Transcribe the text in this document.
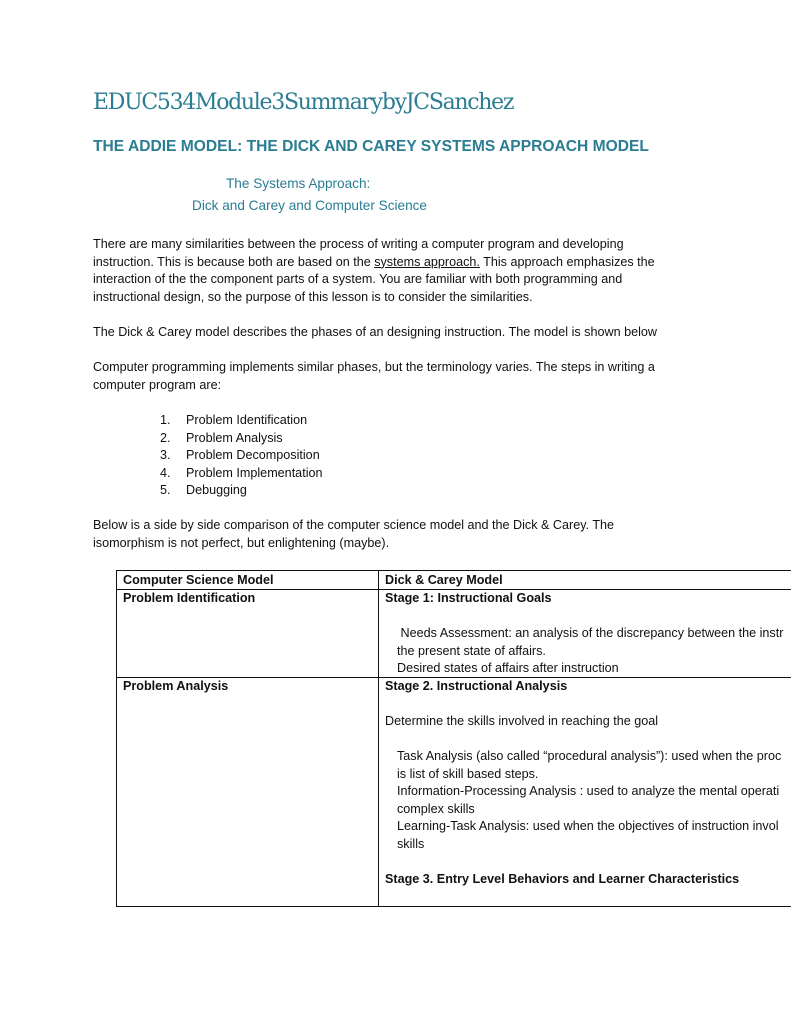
EDUC534Module3SummarybyJCSanchez
THE ADDIE MODEL: THE DICK AND CAREY SYSTEMS APPROACH MODEL
The Systems Approach:
Dick and Carey and Computer Science
There are many similarities between the process of writing a computer program and developing
instruction. This is because both are based on the systems approach. This approach emphasizes the
interaction of the the component parts of a system. You are familiar with both programming and
instructional design, so the purpose of this lesson is to consider the similarities.
The Dick & Carey model describes the phases of an designing instruction. The model is shown below
Computer programming implements similar phases, but the terminology varies. The steps in writing a
computer program are:
1. Problem Identification
2. Problem Analysis
3. Problem Decomposition
4. Problem Implementation
5. Debugging
Below is a side by side comparison of the computer science model and the Dick & Carey. The
isomorphism is not perfect, but enlightening (maybe).
Computer Science Model	Dick & Carey Model
Problem Identification	Stage 1: Instructional Goals

Needs Assessment: an analysis of the discrepancy between the instr
the present state of affairs.
Desired states of affairs after instruction
Problem Analysis	Stage 2. Instructional Analysis

Determine the skills involved in reaching the goal

Task Analysis (also called “procedural analysis”): used when the proc
is list of skill based steps.
Information-Processing Analysis : used to analyze the mental operati
complex skills
Learning-Task Analysis: used when the objectives of instruction invol
skills

Stage 3. Entry Level Behaviors and Learner Characteristics
